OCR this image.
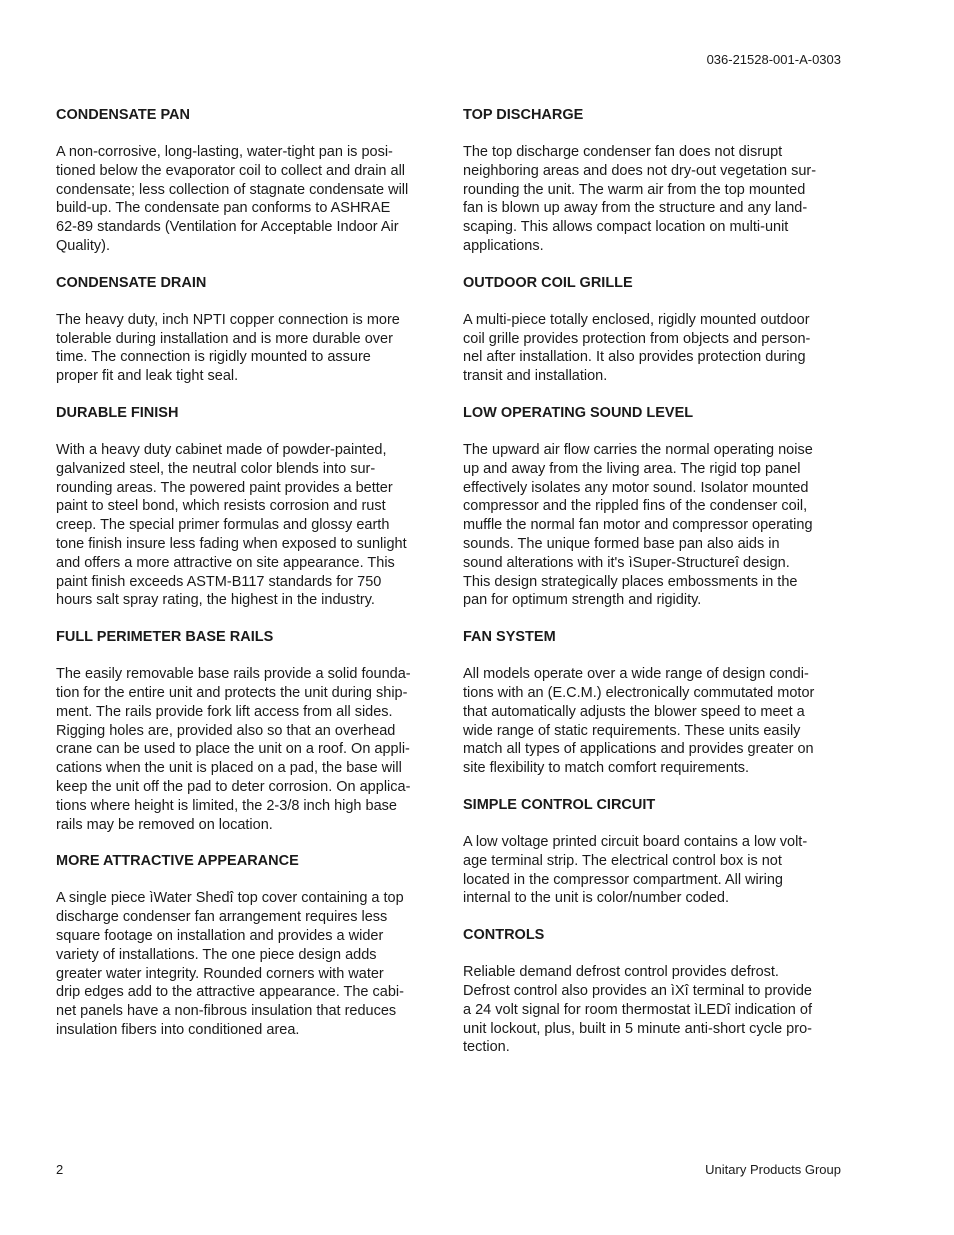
036-21528-001-A-0303
CONDENSATE PAN
A non-corrosive, long-lasting, water-tight pan is posi-
tioned below the evaporator coil to collect and drain all
condensate; less collection of stagnate condensate will
build-up. The condensate pan conforms to ASHRAE
62-89 standards (Ventilation for Acceptable Indoor Air
Quality).
CONDENSATE DRAIN
The heavy duty, inch NPTI copper connection is more
tolerable during installation and is more durable over
time. The connection is rigidly mounted to assure
proper fit and leak tight seal.
DURABLE FINISH
With a heavy duty cabinet made of powder-painted,
galvanized steel, the neutral color blends into sur-
rounding areas. The powered paint provides a better
paint to steel bond, which resists corrosion and rust
creep. The special primer formulas and glossy earth
tone finish insure less fading when exposed to sunlight
and offers a more attractive on site appearance. This
paint finish exceeds ASTM-B117 standards for 750
hours salt spray rating, the highest in the industry.
FULL PERIMETER BASE RAILS
The easily removable base rails provide a solid founda-
tion for the entire unit and protects the unit during ship-
ment. The rails provide fork lift access from all sides.
Rigging holes are, provided also so that an overhead
crane can be used to place the unit on a roof. On appli-
cations when the unit is placed on a pad, the base will
keep the unit off the pad to deter corrosion. On applica-
tions where height is limited, the 2-3/8 inch high base
rails may be removed on location.
MORE ATTRACTIVE APPEARANCE
A single piece ìWater Shedî top cover containing a top
discharge condenser fan arrangement requires less
square footage on installation and provides a wider
variety of installations. The one piece design adds
greater water integrity. Rounded corners with water
drip edges add to the attractive appearance. The cabi-
net panels have a non-fibrous insulation that reduces
insulation fibers into conditioned area.
TOP DISCHARGE
The top discharge condenser fan does not disrupt
neighboring areas and does not dry-out vegetation sur-
rounding the unit. The warm air from the top mounted
fan is blown up away from the structure and any land-
scaping. This allows compact location on multi-unit
applications.
OUTDOOR COIL GRILLE
A multi-piece totally enclosed, rigidly mounted outdoor
coil grille provides protection from objects and person-
nel after installation. It also provides protection during
transit and installation.
LOW OPERATING SOUND LEVEL
The upward air flow carries the normal operating noise
up and away from the living area. The rigid top panel
effectively isolates any motor sound. Isolator mounted
compressor and the rippled fins of the condenser coil,
muffle the normal fan motor and compressor operating
sounds. The unique formed base pan also aids in
sound alterations with it's ìSuper-Structureî design.
This design strategically places embossments in the
pan for optimum strength and rigidity.
FAN SYSTEM
All models operate over a wide range of design condi-
tions with an (E.C.M.) electronically commutated motor
that automatically adjusts the blower speed to meet a
wide range of static requirements. These units easily
match all types of applications and provides greater on
site flexibility to match comfort requirements.
SIMPLE CONTROL CIRCUIT
A low voltage printed circuit board contains a low volt-
age terminal strip. The electrical control box is not
located in the compressor compartment. All wiring
internal to the unit is color/number coded.
CONTROLS
Reliable demand defrost control provides defrost.
Defrost control also provides an ìXî terminal to provide
a 24 volt signal for room thermostat ìLEDî indication of
unit lockout, plus, built in 5 minute anti-short cycle pro-
tection.
2	Unitary Products Group
